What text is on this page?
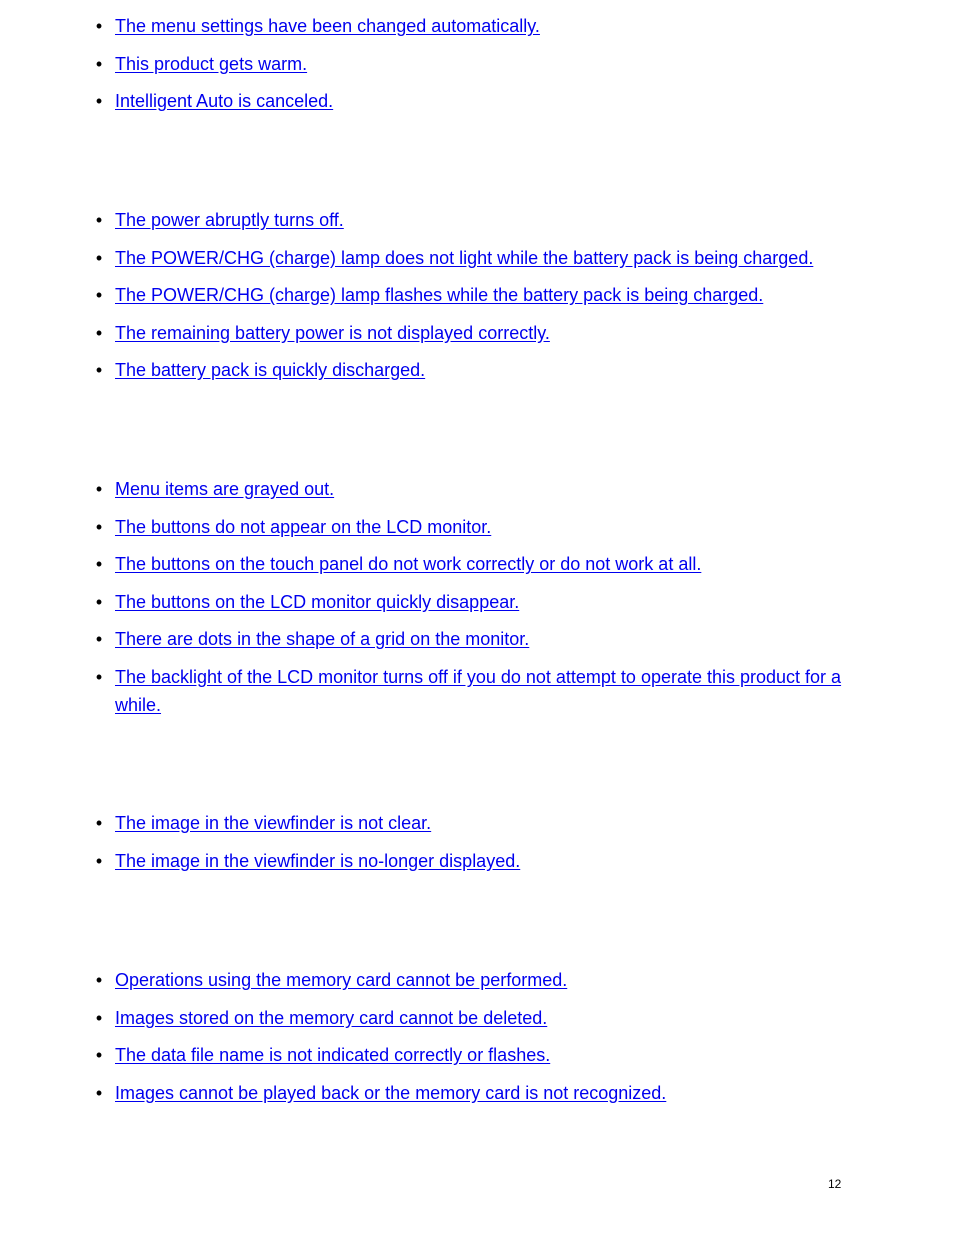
• The menu settings have been changed automatically.
• This product gets warm.
• Intelligent Auto is canceled.
• The power abruptly turns off.
• The POWER/CHG (charge) lamp does not light while the battery pack is being charged.
• The POWER/CHG (charge) lamp flashes while the battery pack is being charged.
• The remaining battery power is not displayed correctly.
• The battery pack is quickly discharged.
• Menu items are grayed out.
• The buttons do not appear on the LCD monitor.
• The buttons on the touch panel do not work correctly or do not work at all.
• The buttons on the LCD monitor quickly disappear.
• There are dots in the shape of a grid on the monitor.
• The backlight of the LCD monitor turns off if you do not attempt to operate this product for a while.
• The image in the viewfinder is not clear.
• The image in the viewfinder is no-longer displayed.
• Operations using the memory card cannot be performed.
• Images stored on the memory card cannot be deleted.
• The data file name is not indicated correctly or flashes.
• Images cannot be played back or the memory card is not recognized.
12
